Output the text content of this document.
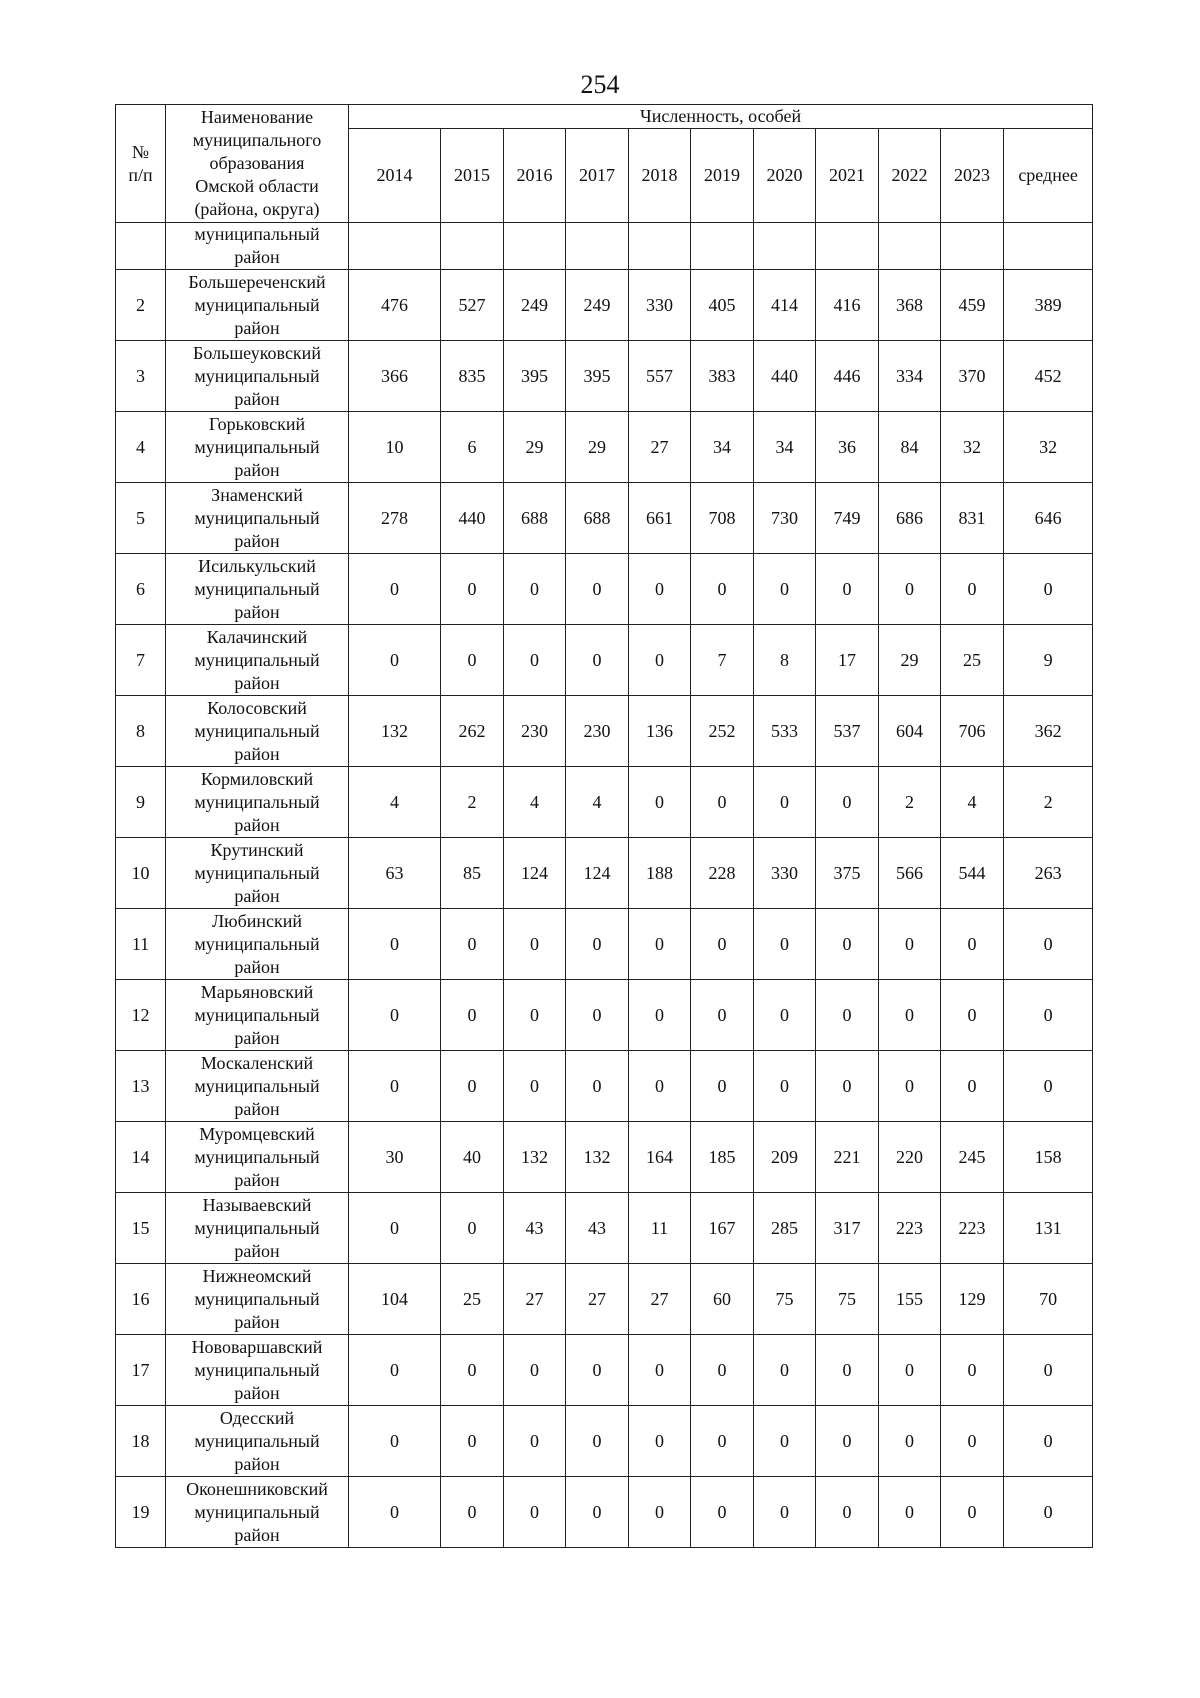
254
№
п/п	Наименование
муниципального
образования
Омской области
(района, округа)	Численность, особей										
		2014	2015	2016	2017	2018	2019	2020	2021	2022	2023	среднее
	муниципальный
район											
2	Большереченский
муниципальный
район	476	527	249	249	330	405	414	416	368	459	389
3	Большеуковский
муниципальный
район	366	835	395	395	557	383	440	446	334	370	452
4	Горьковский
муниципальный
район	10	6	29	29	27	34	34	36	84	32	32
5	Знаменский
муниципальный
район	278	440	688	688	661	708	730	749	686	831	646
6	Исилькульский
муниципальный
район	0	0	0	0	0	0	0	0	0	0	0
7	Калачинский
муниципальный
район	0	0	0	0	0	7	8	17	29	25	9
8	Колосовский
муниципальный
район	132	262	230	230	136	252	533	537	604	706	362
9	Кормиловский
муниципальный
район	4	2	4	4	0	0	0	0	2	4	2
10	Крутинский
муниципальный
район	63	85	124	124	188	228	330	375	566	544	263
11	Любинский
муниципальный
район	0	0	0	0	0	0	0	0	0	0	0
12	Марьяновский
муниципальный
район	0	0	0	0	0	0	0	0	0	0	0
13	Москаленский
муниципальный
район	0	0	0	0	0	0	0	0	0	0	0
14	Муромцевский
муниципальный
район	30	40	132	132	164	185	209	221	220	245	158
15	Называевский
муниципальный
район	0	0	43	43	11	167	285	317	223	223	131
16	Нижнеомский
муниципальный
район	104	25	27	27	27	60	75	75	155	129	70
17	Нововаршавский
муниципальный
район	0	0	0	0	0	0	0	0	0	0	0
18	Одесский
муниципальный
район	0	0	0	0	0	0	0	0	0	0	0
19	Оконешниковский
муниципальный
район	0	0	0	0	0	0	0	0	0	0	0
